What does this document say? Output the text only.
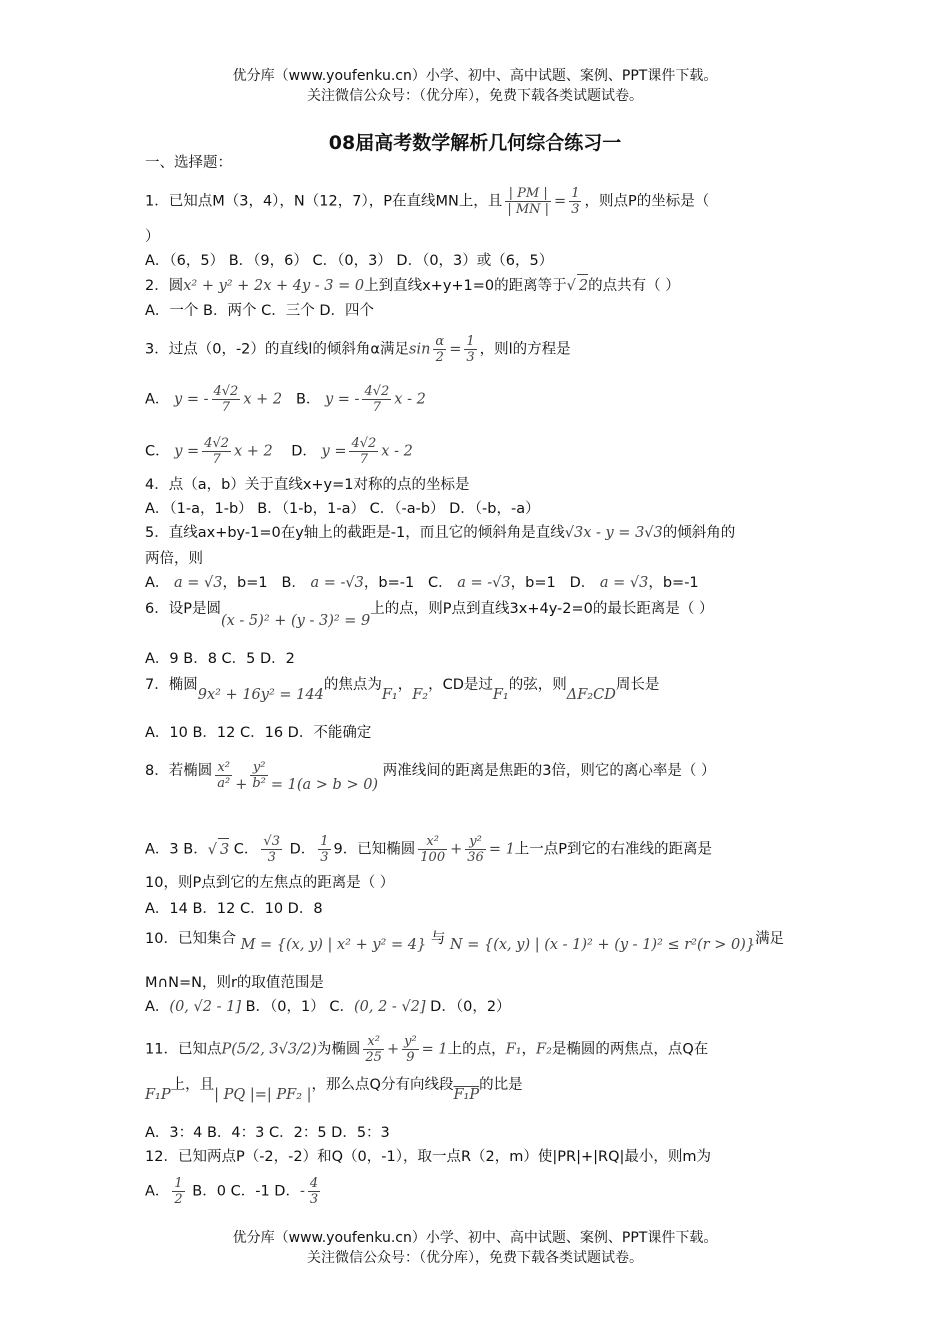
优分库（www.youfenku.cn）小学、初中、高中试题、案例、PPT课件下载。
关注微信公众号：（优分库），免费下载各类试题试卷。
08届高考数学解析几何综合练习一
一、选择题：
1．已知点M（3，4），N（12，7），P在直线MN上，且 $\frac{| PM |}{| MN |} = \frac{1}{3}$ ，则点P的坐标是（
）
A．（6，5） B．（9，6） C．（0，3） D．（0，3）或（6，5）
2．圆x² + y² + 2x + 4y - 3 = 0上到直线x+y+1=0的距离等于√ 2的点共有（ ）
A．一个 B．两个 C．三个 D．四个
3．过点（0，-2）的直线l的倾斜角α满足$\sin \frac{\alpha}{2} = \frac{1}{3}$ ，则l的方程是
A． y = - $\frac{4√2}{7}$ x + 2 B． y = - $\frac{4√2}{7}$ x - 2
C． $y = \frac{4√2}{7}$ x + 2 D． $y = \frac{4√2}{7}$ x - 2
4．点（a，b）关于直线x+y=1对称的点的坐标是
A．（1-a，1-b） B．（1-b，1-a） C．（-a-b） D．（-b，-a）
5．直线ax+by-1=0在y轴上的截距是-1，而且它的倾斜角是直线√3x - y = 3√3的倾斜角的
两倍，则
A． a = √3，b=1 B． a = -√3，b=-1 C． a = -√3，b=1 D． a = √3，b=-1
6．设P是圆(x - 5)² + (y - 3)² = 9上的点，则P点到直线3x+4y-2=0的最长距离是（ ）
A．9 B．8 C．5 D．2
7．椭圆9x² + 16y² = 144的焦点为F₁，F₂，CD是过F₁的弦，则ΔF₂CD周长是
A．10 B．12 C．16 D．不能确定
8．若椭圆 $\frac{\text{x²}}{\text{a²}} + \frac{\text{y²}}{\text{b²}} = 1(a > b > 0)$ 两准线间的距离是焦距的3倍，则它的离心率是（ ）
A．3 B．√ 3 C． $\frac{√3}{3}$ D． $\frac{1}{3} 9$．已知椭圆 $\frac{\text{x²}}{100} + \frac{\text{y²}}{36} = 1$上一点P到它的右准线的距离是
10，则P点到它的左焦点的距离是（ ）
A．14 B．12 C．10 D．8
10．已知集合 M = {(x, y) | x² + y² = 4} 与 N = {(x, y) | (x - 1)² + (y - 1)² ≤ r²(r > 0)}满足
M∩N=N，则r的取值范围是
A．(0, √2 - 1] B．（0，1） C．(0, 2 - √2] D．（0，2）
11．已知点P(5/2, 3√3/2)为椭圆 $\frac{\text{x²}}{25} + \frac{\text{y²}}{9} = 1$上的点，F₁，F₂是椭圆的两焦点，点Q在
F₁P上，且| PQ |=| PF₂ |，那么点Q分有向线段F₁P的比是
A．3：4 B．4：3 C．2：5 D．5：3
12．已知两点P（-2，-2）和Q（0，-1），取一点R（2，m）使|PR|+|RQ|最小，则m为
A． $\frac{1}{2}$ B．0 C．-1 D．- $\frac{4}{3}$
优分库（www.youfenku.cn）小学、初中、高中试题、案例、PPT课件下载。
关注微信公众号：（优分库），免费下载各类试题试卷。
